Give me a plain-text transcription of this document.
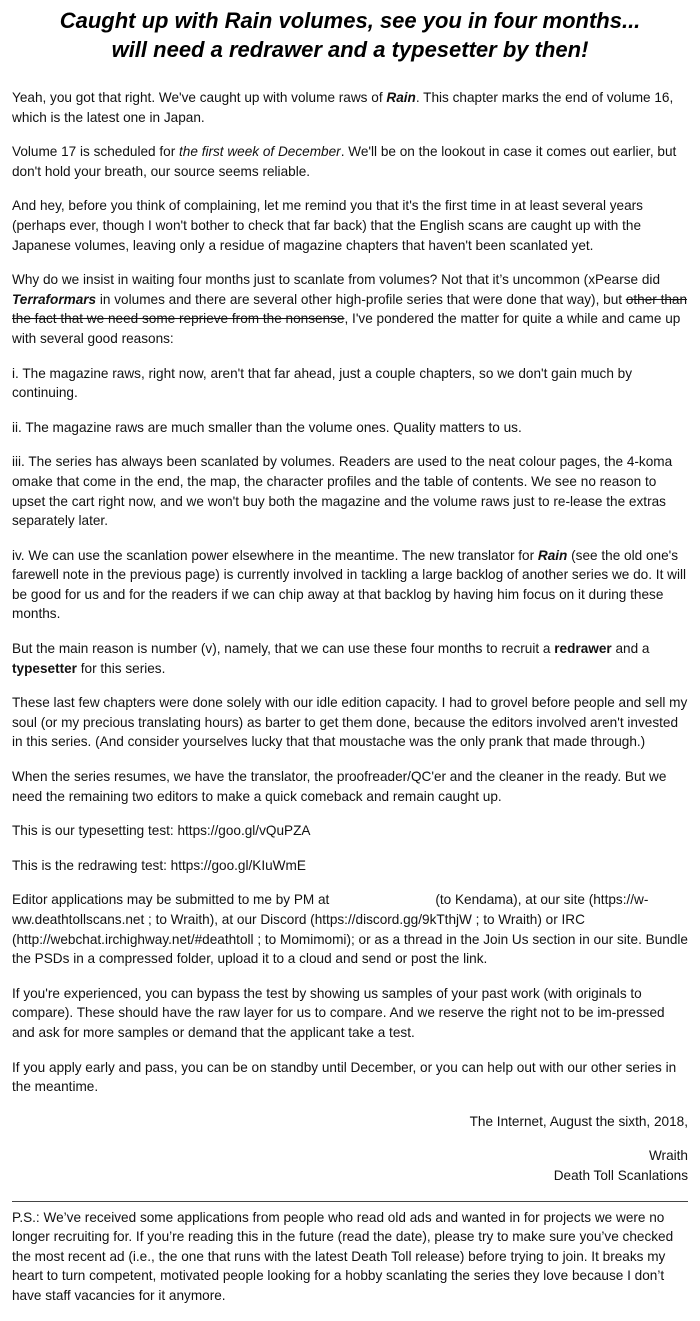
Caught up with Rain volumes, see you in four months...
will need a redrawer and a typesetter by then!

Yeah, you got that right. We've caught up with volume raws of Rain. This chapter marks the end of volume 16, which is the latest one in Japan.

Volume 17 is scheduled for the first week of December. We'll be on the lookout in case it comes out earlier, but don't hold your breath, our source seems reliable.

And hey, before you think of complaining, let me remind you that it's the first time in at least several years (perhaps ever, though I won't bother to check that far back) that the English scans are caught up with the Japanese volumes, leaving only a residue of magazine chapters that haven't been scanlated yet.

Why do we insist in waiting four months just to scanlate from volumes? Not that it’s uncommon (xPearse did Terraformars in volumes and there are several other high-profile series that were done that way), but other than the fact that we need some reprieve from the nonsense, I've pondered the matter for quite a while and came up with several good reasons:

i. The magazine raws, right now, aren't that far ahead, just a couple chapters, so we don't gain much by continuing.

ii. The magazine raws are much smaller than the volume ones. Quality matters to us.

iii. The series has always been scanlated by volumes. Readers are used to the neat colour pages, the 4-koma omake that come in the end, the map, the character profiles and the table of contents. We see no reason to upset the cart right now, and we won't buy both the magazine and the volume raws just to re-lease the extras separately later.

iv. We can use the scanlation power elsewhere in the meantime. The new translator for Rain (see the old one's farewell note in the previous page) is currently involved in tackling a large backlog of another series we do. It will be good for us and for the readers if we can chip away at that backlog by having him focus on it during these months.

But the main reason is number (v), namely, that we can use these four months to recruit a redrawer and a typesetter for this series.

These last few chapters were done solely with our idle edition capacity. I had to grovel before people and sell my soul (or my precious translating hours) as barter to get them done, because the editors involved aren't invested in this series. (And consider yourselves lucky that that moustache was the only prank that made through.)

When the series resumes, we have the translator, the proofreader/QC'er and the cleaner in the ready. But we need the remaining two editors to make a quick comeback and remain caught up.

This is our typesetting test: https://goo.gl/vQuPZA

This is the redrawing test: https://goo.gl/KIuWmE

Editor applications may be submitted to me by PM at	(to Kendama), at our site (https://w-ww.deathtollscans.net ; to Wraith), at our Discord (https://discord.gg/9kTthjW ; to Wraith) or IRC (http://webchat.irchighway.net/#deathtoll ; to Momimomi); or as a thread in the Join Us section in our site. Bundle the PSDs in a compressed folder, upload it to a cloud and send or post the link.

If you're experienced, you can bypass the test by showing us samples of your past work (with originals to compare). These should have the raw layer for us to compare. And we reserve the right not to be im-pressed and ask for more samples or demand that the applicant take a test.

If you apply early and pass, you can be on standby until December, or you can help out with our other series in the meantime.

The Internet, August the sixth, 2018,

Wraith
Death Toll Scanlations

P.S.: We’ve received some applications from people who read old ads and wanted in for projects we were no longer recruiting for. If you’re reading this in the future (read the date), please try to make sure you’ve checked the most recent ad (i.e., the one that runs with the latest Death Toll release) before trying to join. It breaks my heart to turn competent, motivated people looking for a hobby scanlating the series they love because I don’t have staff vacancies for it anymore.
